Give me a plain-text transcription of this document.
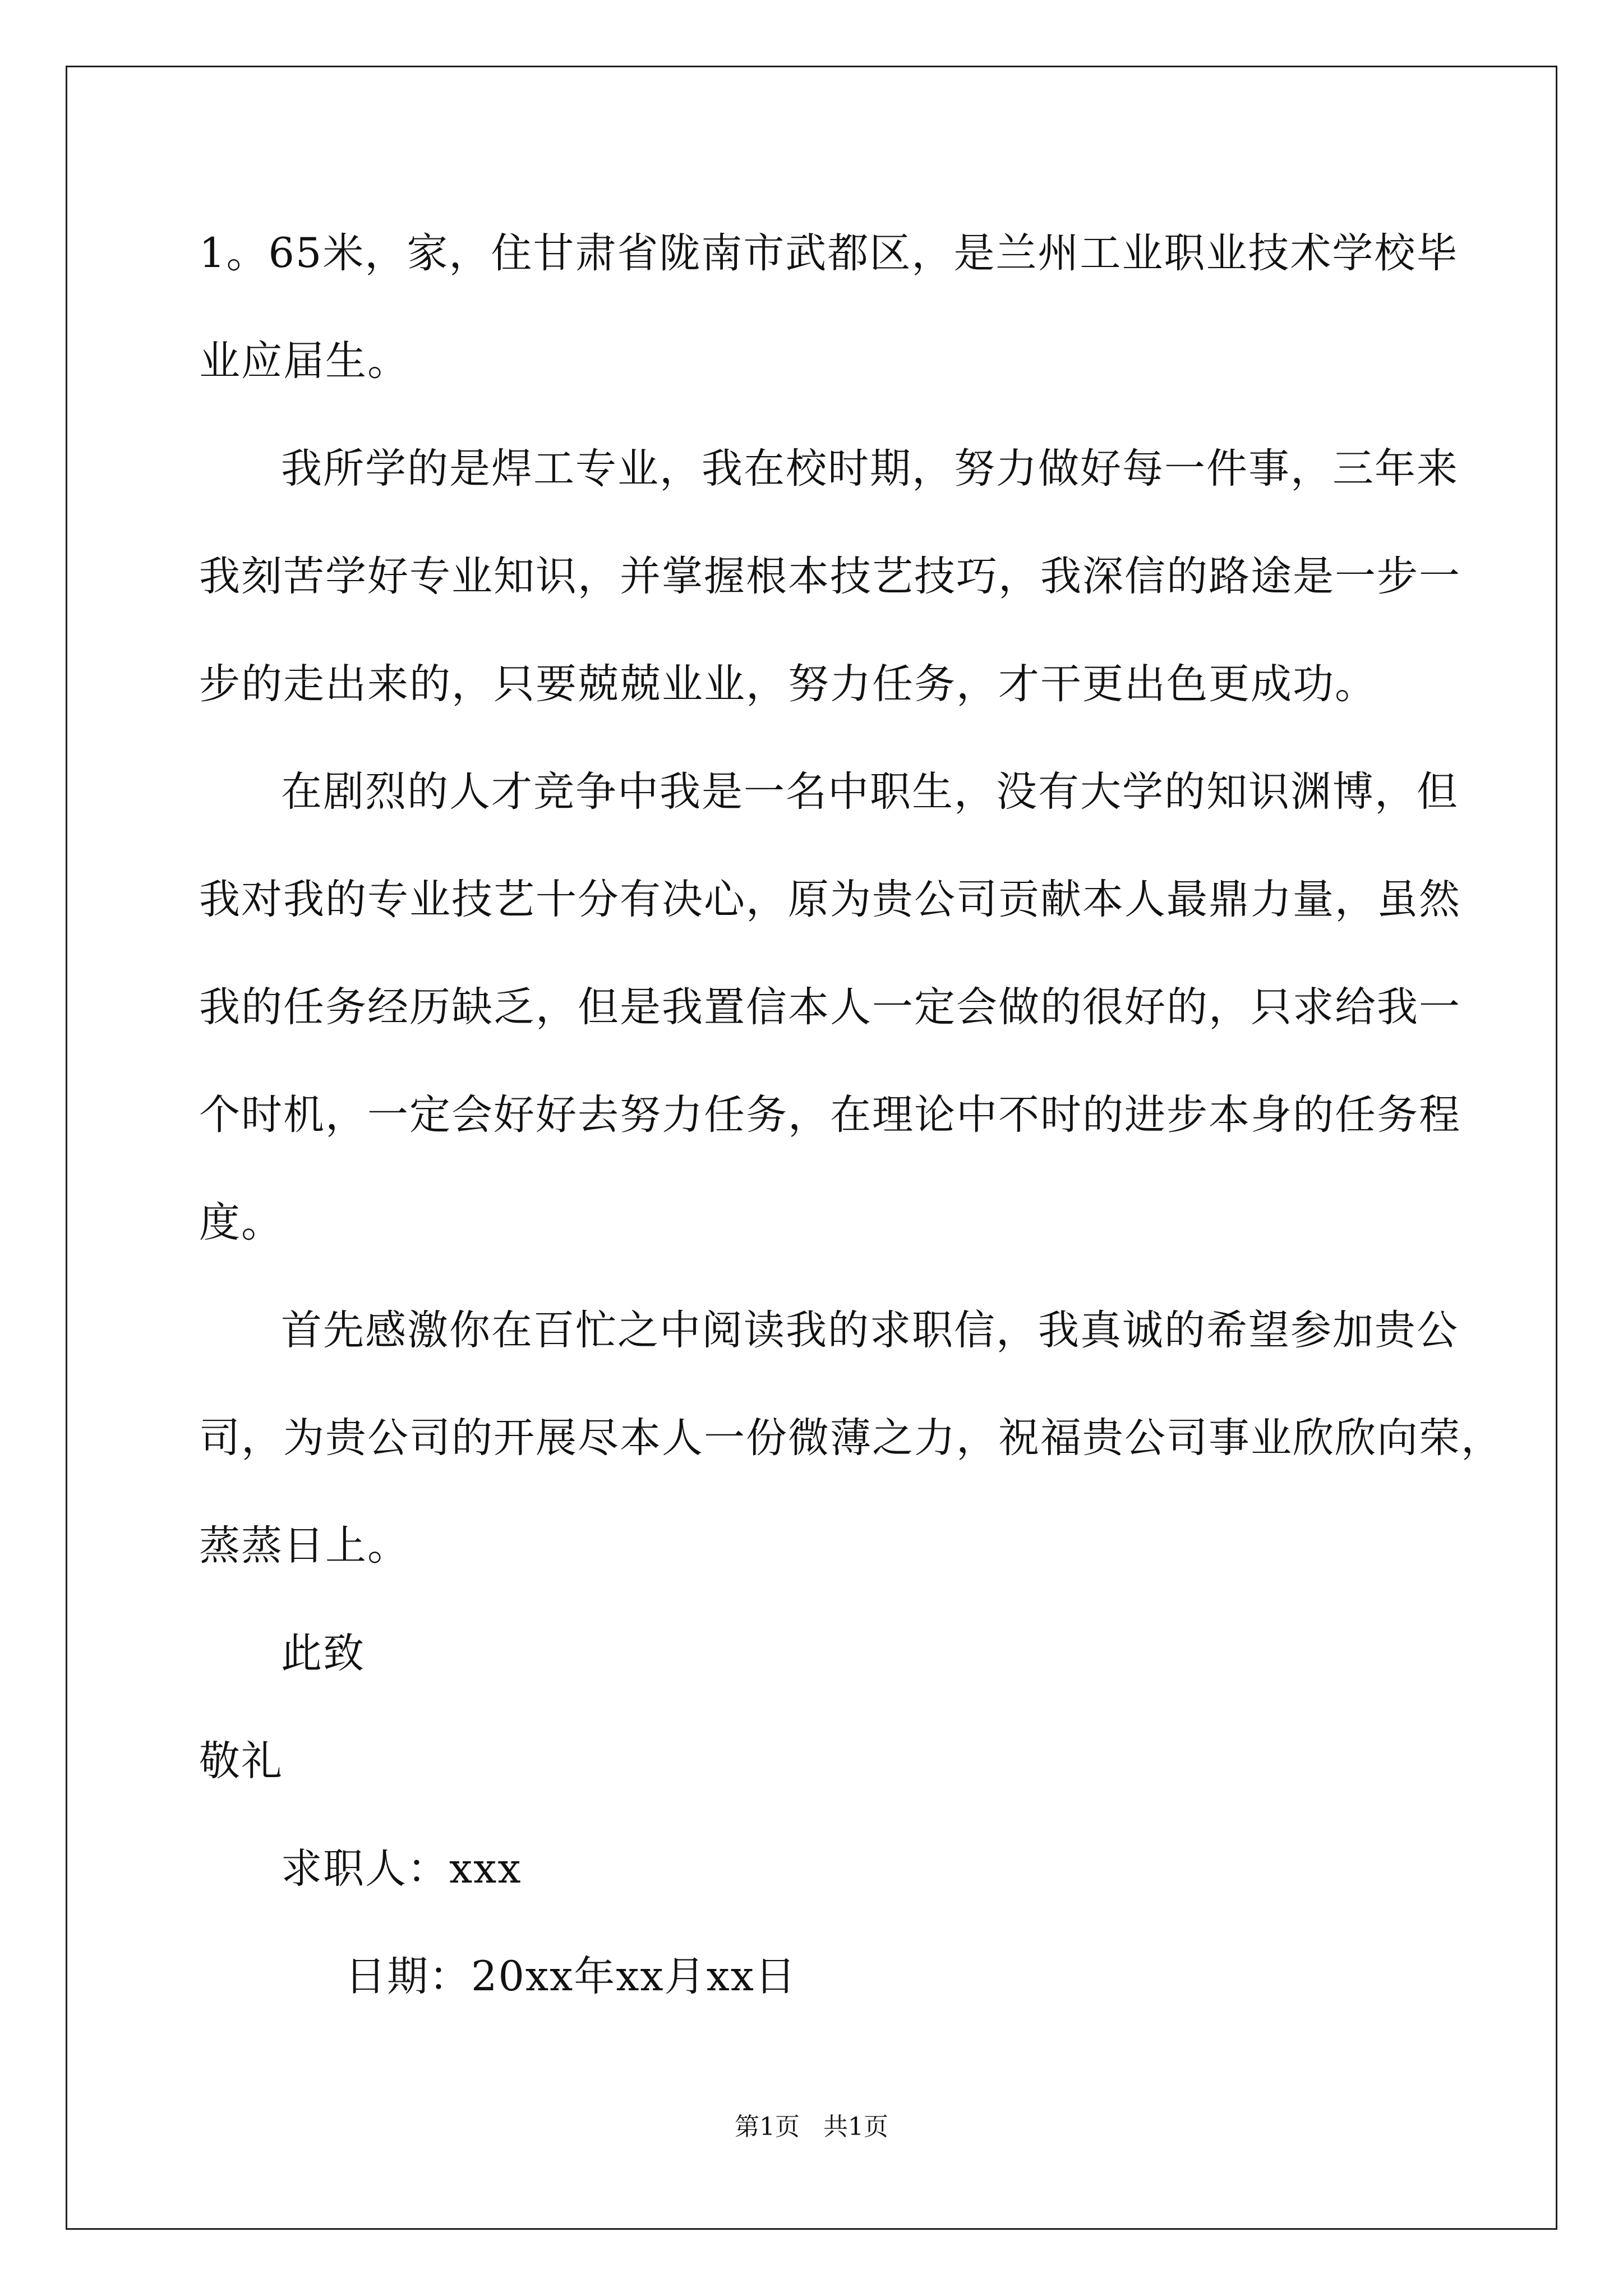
1。65米，家，住甘肃省陇南市武都区，是兰州工业职业技术学校毕
业应届生。
我所学的是焊工专业，我在校时期，努力做好每一件事，三年来
我刻苦学好专业知识，并掌握根本技艺技巧，我深信的路途是一步一
步的走出来的，只要兢兢业业，努力任务，才干更出色更成功。
在剧烈的人才竞争中我是一名中职生，没有大学的知识渊博，但
我对我的专业技艺十分有决心，原为贵公司贡献本人最鼎力量，虽然
我的任务经历缺乏，但是我置信本人一定会做的很好的，只求给我一
个时机，一定会好好去努力任务，在理论中不时的进步本身的任务程
度。
首先感激你在百忙之中阅读我的求职信，我真诚的希望参加贵公
司，为贵公司的开展尽本人一份微薄之力，祝福贵公司事业欣欣向荣，
蒸蒸日上。
此致
敬礼
求职人：xxx
日期：20xx年xx月xx日
第1页   共1页
